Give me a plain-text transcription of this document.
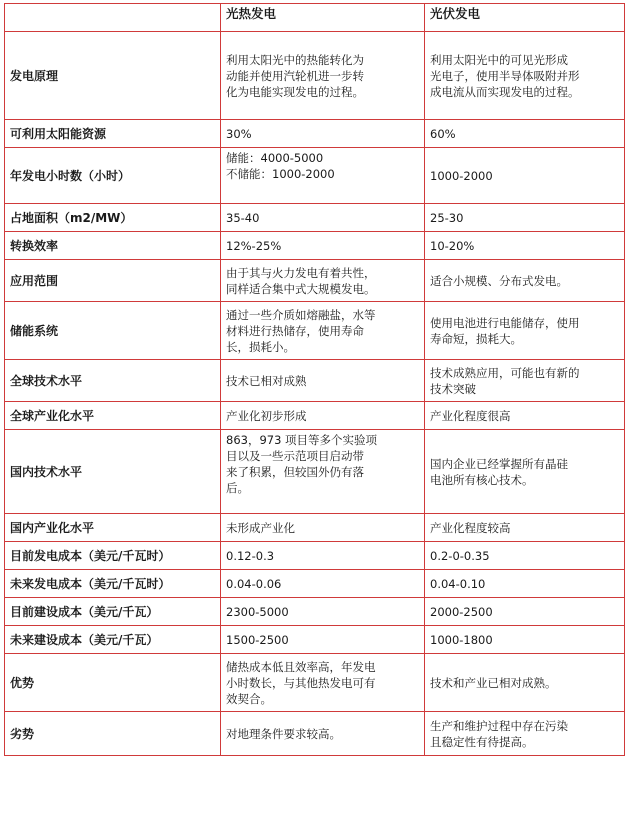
	光热发电	光伏发电
发电原理	利用太阳光中的热能转化为
动能并使用汽轮机进一步转
化为电能实现发电的过程。	利用太阳光中的可见光形成
光电子，使用半导体吸附并形
成电流从而实现发电的过程。

可利用太阳能资源	30%	60%

年发电小时数（小时）	储能：4000-5000
不储能：1000-2000	1000-2000

占地面积（m2/MW）	35-40	25-30

转换效率	12%-25%	10-20%

应用范围	由于其与火力发电有着共性，
同样适合集中式大规模发电。	适合小规模、分布式发电。

储能系统	通过一些介质如熔融盐，水等
材料进行热储存，使用寿命
长，损耗小。	使用电池进行电能储存，使用
寿命短，损耗大。

全球技术水平	技术已相对成熟	技术成熟应用，可能也有新的
技术突破

全球产业化水平	产业化初步形成	产业化程度很高

国内技术水平	863，973 项目等多个实验项
目以及一些示范项目启动带
来了积累，但较国外仍有落
后。	国内企业已经掌握所有晶硅
电池所有核心技术。

国内产业化水平	未形成产业化	产业化程度较高

目前发电成本（美元/千瓦时）	0.12-0.3	0.2-0-0.35

未来发电成本（美元/千瓦时）	0.04-0.06	0.04-0.10

目前建设成本（美元/千瓦）	2300-5000	2000-2500

未来建设成本（美元/千瓦）	1500-2500	1000-1800

优势	储热成本低且效率高，年发电
小时数长，与其他热发电可有
效契合。	技术和产业已相对成熟。

劣势	对地理条件要求较高。	生产和维护过程中存在污染
且稳定性有待提高。
